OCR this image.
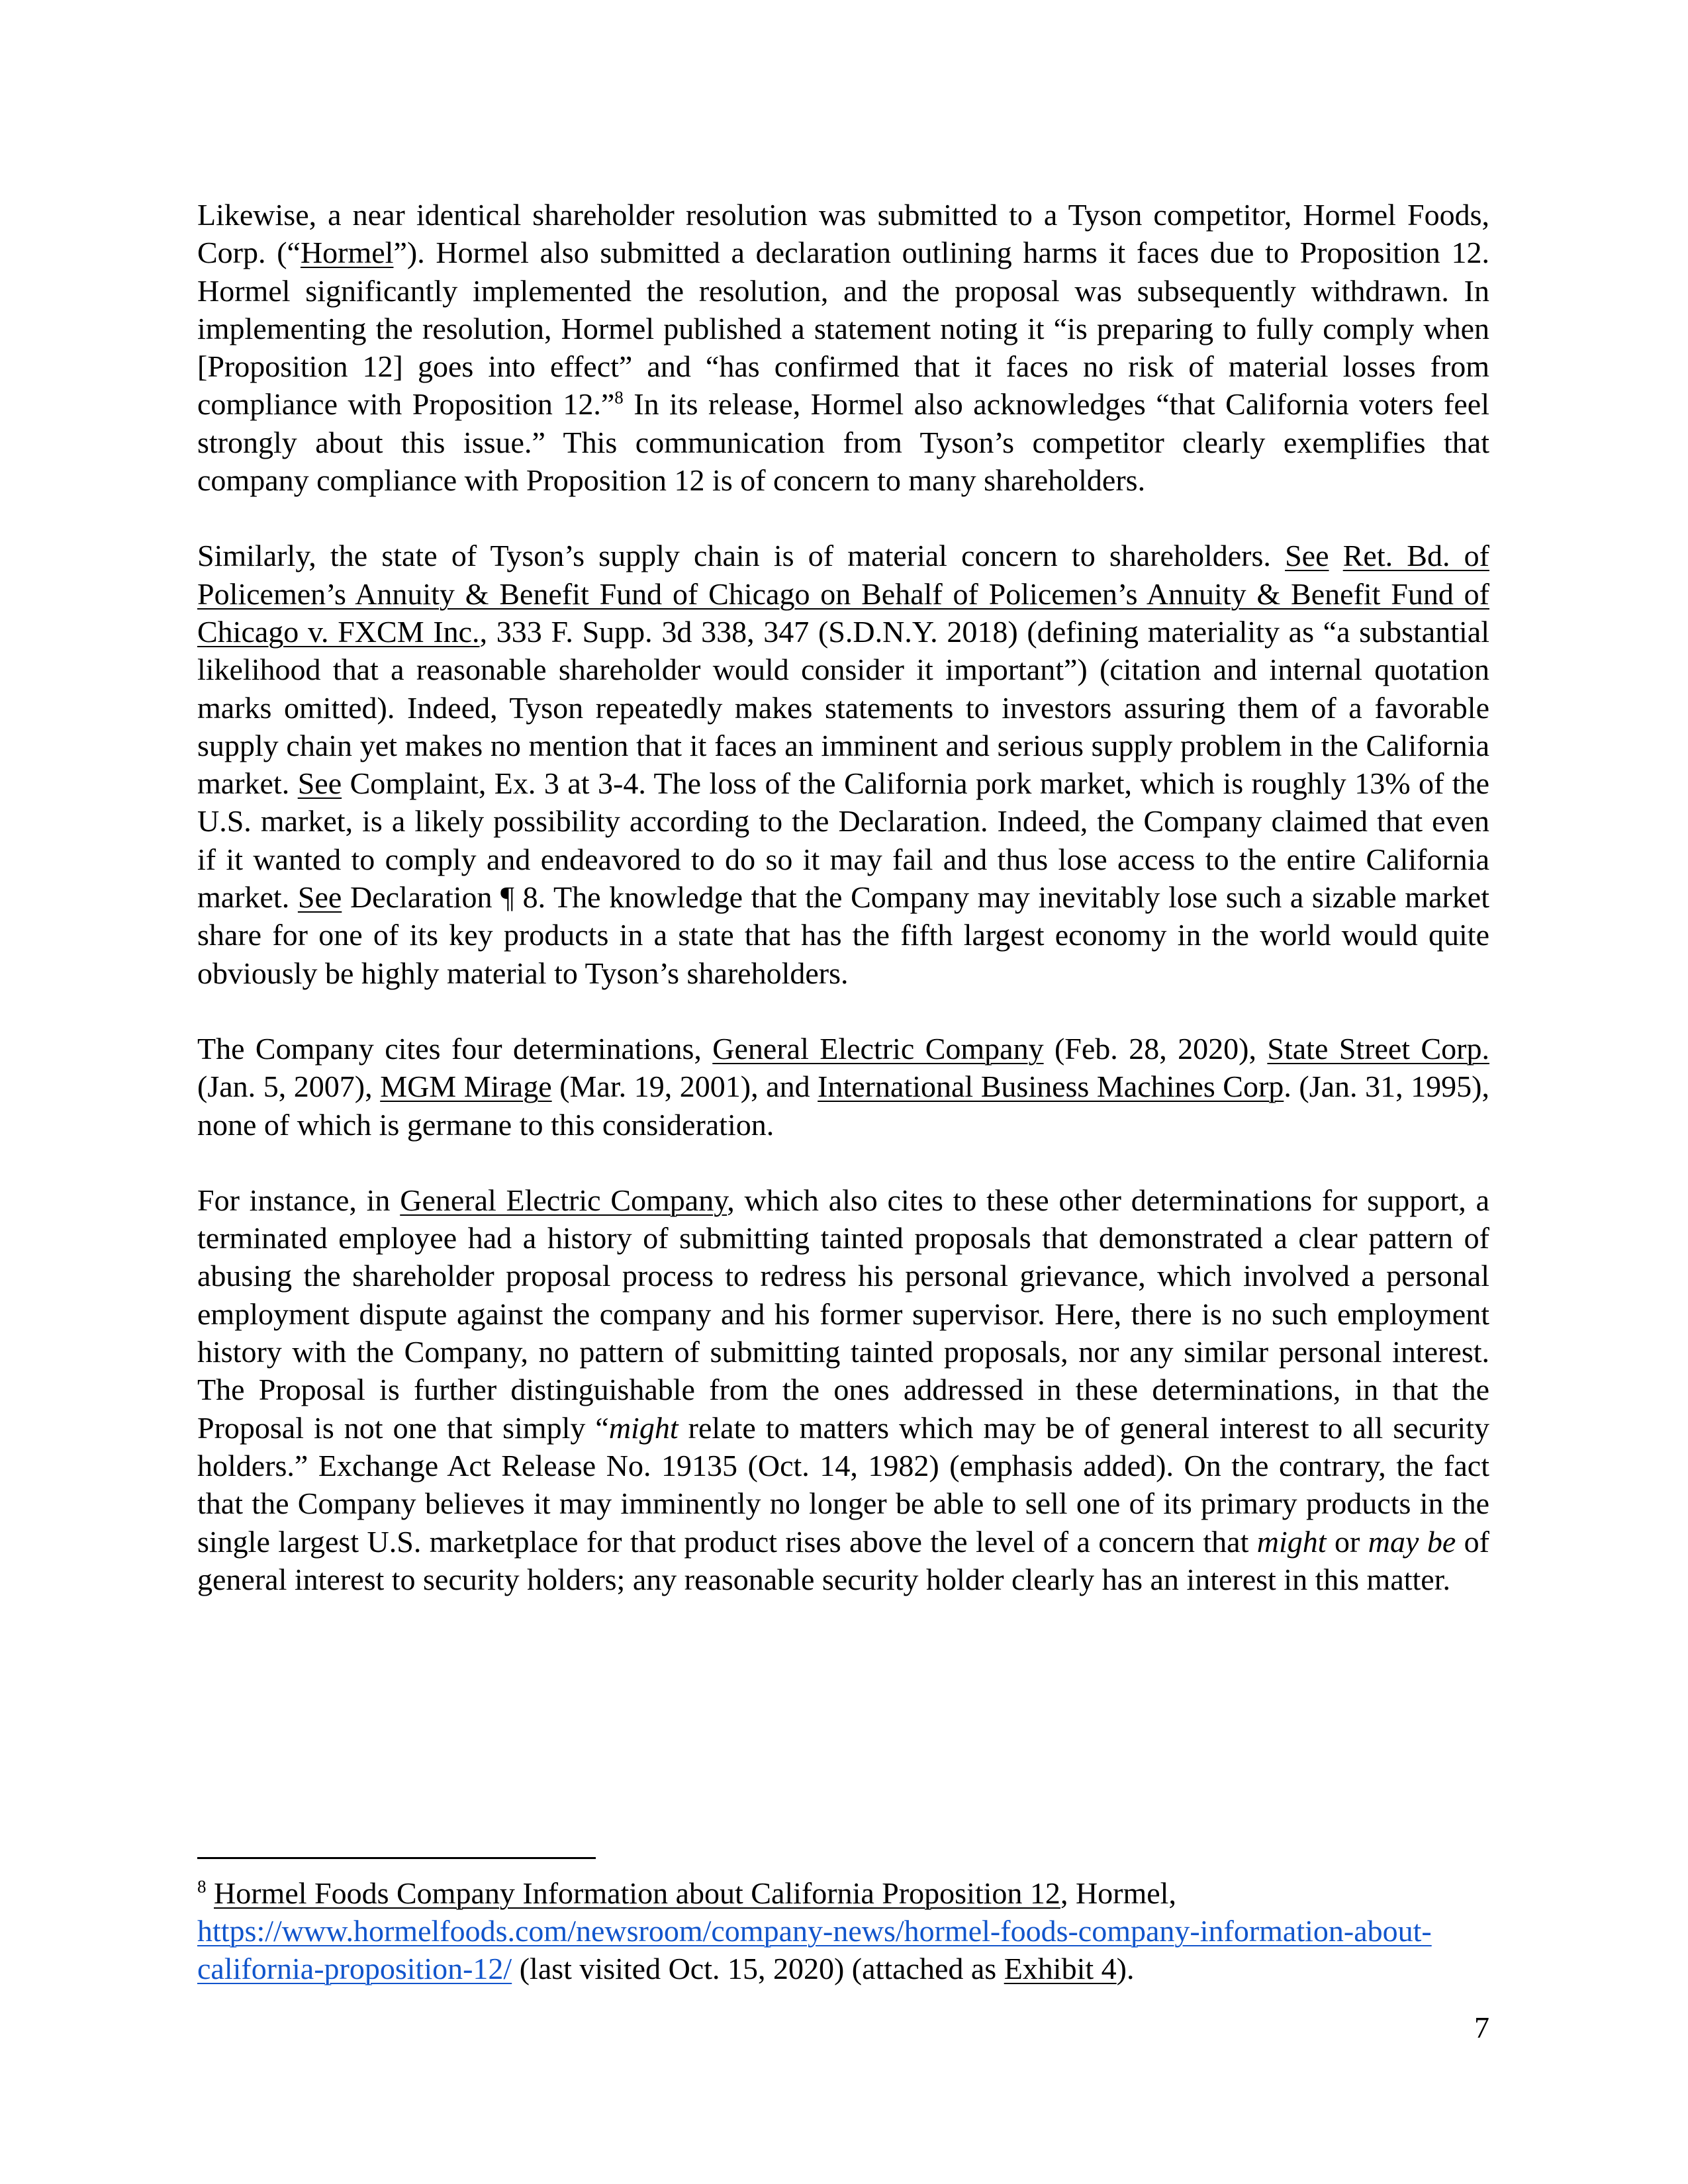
Likewise, a near identical shareholder resolution was submitted to a Tyson competitor, Hormel Foods, Corp. (“Hormel”). Hormel also submitted a declaration outlining harms it faces due to Proposition 12. Hormel significantly implemented the resolution, and the proposal was subsequently withdrawn. In implementing the resolution, Hormel published a statement noting it “is preparing to fully comply when [Proposition 12] goes into effect” and “has confirmed that it faces no risk of material losses from compliance with Proposition 12.”$^8$ In its release, Hormel also acknowledges “that California voters feel strongly about this issue.” This communication from Tyson’s competitor clearly exemplifies that company compliance with Proposition 12 is of concern to many shareholders.

Similarly, the state of Tyson’s supply chain is of material concern to shareholders. See Ret. Bd. of Policemen’s Annuity & Benefit Fund of Chicago on Behalf of Policemen’s Annuity & Benefit Fund of Chicago v. FXCM Inc., 333 F. Supp. 3d 338, 347 (S.D.N.Y. 2018) (defining materiality as “a substantial likelihood that a reasonable shareholder would consider it important”) (citation and internal quotation marks omitted). Indeed, Tyson repeatedly makes statements to investors assuring them of a favorable supply chain yet makes no mention that it faces an imminent and serious supply problem in the California market. See Complaint, Ex. 3 at 3-4. The loss of the California pork market, which is roughly 13% of the U.S. market, is a likely possibility according to the Declaration. Indeed, the Company claimed that even if it wanted to comply and endeavored to do so it may fail and thus lose access to the entire California market. See Declaration ¶ 8. The knowledge that the Company may inevitably lose such a sizable market share for one of its key products in a state that has the fifth largest economy in the world would quite obviously be highly material to Tyson’s shareholders.

The Company cites four determinations, General Electric Company (Feb. 28, 2020), State Street Corp. (Jan. 5, 2007), MGM Mirage (Mar. 19, 2001), and International Business Machines Corp. (Jan. 31, 1995), none of which is germane to this consideration.

For instance, in General Electric Company, which also cites to these other determinations for support, a terminated employee had a history of submitting tainted proposals that demonstrated a clear pattern of abusing the shareholder proposal process to redress his personal grievance, which involved a personal employment dispute against the company and his former supervisor. Here, there is no such employment history with the Company, no pattern of submitting tainted proposals, nor any similar personal interest. The Proposal is further distinguishable from the ones addressed in these determinations, in that the Proposal is not one that simply “might relate to matters which may be of general interest to all security holders.” Exchange Act Release No. 19135 (Oct. 14, 1982) (emphasis added). On the contrary, the fact that the Company believes it may imminently no longer be able to sell one of its primary products in the single largest U.S. marketplace for that product rises above the level of a concern that might or may be of general interest to security holders; any reasonable security holder clearly has an interest in this matter.

$^8$ Hormel Foods Company Information about California Proposition 12, Hormel, https://www.hormelfoods.com/newsroom/company-news/hormel-foods-company-information-about-california-proposition-12/ (last visited Oct. 15, 2020) (attached as Exhibit 4).

7
